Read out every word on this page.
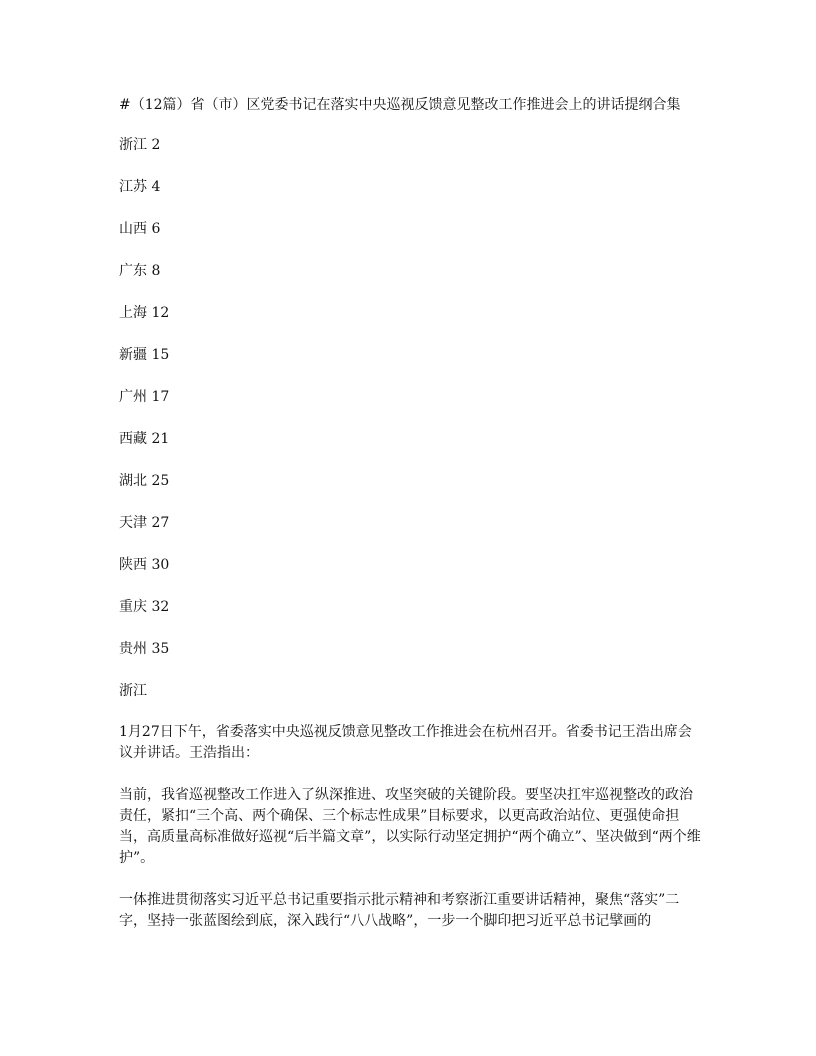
#（12篇）省（市）区党委书记在落实中央巡视反馈意见整改工作推进会上的讲话提纲合集

浙江 2
江苏 4
山西 6
广东 8
上海 12
新疆 15
广州 17
西藏 21
湖北 25
天津 27
陕西 30
重庆 32
贵州 35

浙江

1月27日下午，省委落实中央巡视反馈意见整改工作推进会在杭州召开。省委书记王浩出席会议并讲话。王浩指出：

当前，我省巡视整改工作进入了纵深推进、攻坚突破的关键阶段。要坚决扛牢巡视整改的政治责任，紧扣“三个高、两个确保、三个标志性成果”目标要求，以更高政治站位、更强使命担当，高质量高标准做好巡视“后半篇文章”，以实际行动坚定拥护“两个确立”、坚决做到“两个维护”。

一体推进贯彻落实习近平总书记重要指示批示精神和考察浙江重要讲话精神，聚焦“落实”二字，坚持一张蓝图绘到底，深入践行“八八战略”，一步一个脚印把习近平总书记擘画的
